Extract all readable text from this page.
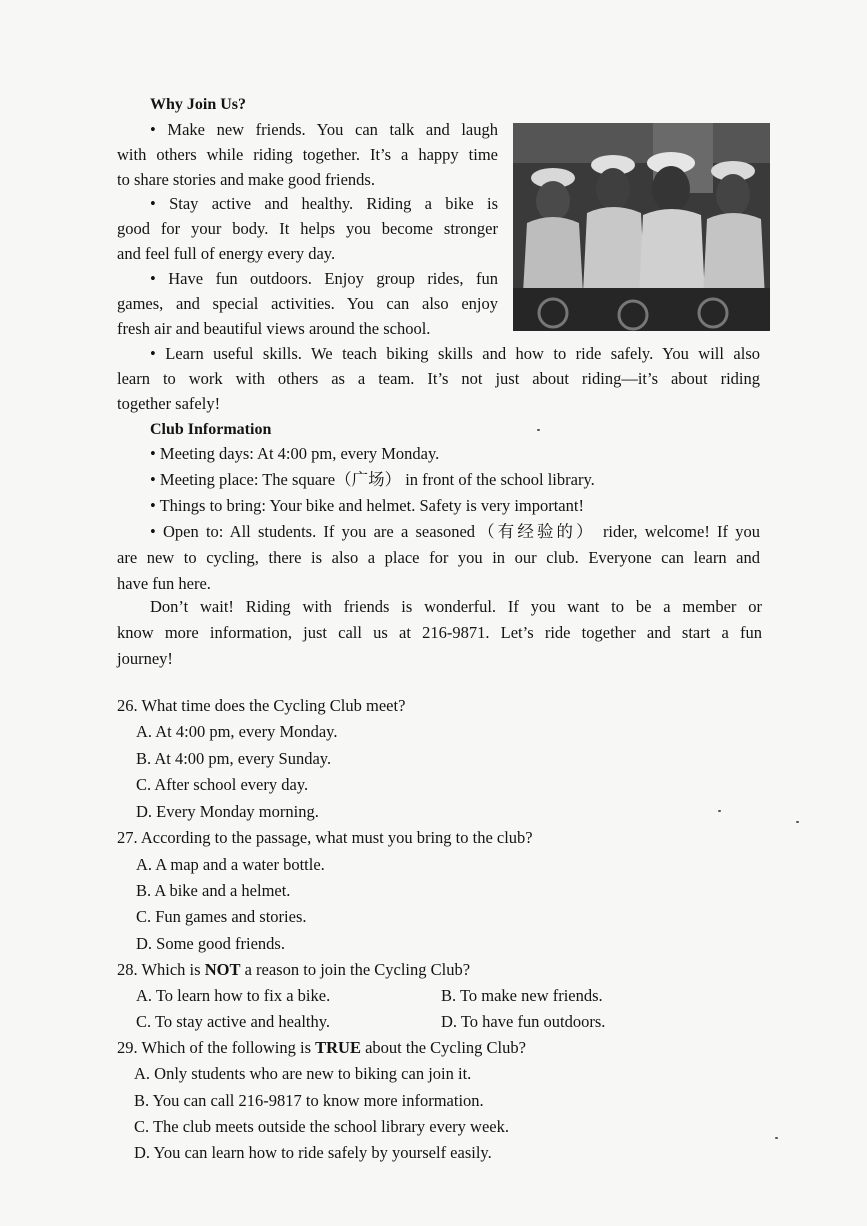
Why Join Us?
• Make new friends. You can talk and laugh
with others while riding together. It’s a happy time
to share stories and make good friends.
• Stay active and healthy. Riding a bike is
good for your body. It helps you become stronger
and feel full of energy every day.
• Have fun outdoors. Enjoy group rides, fun
games, and special activities. You can also enjoy
fresh air and beautiful views around the school.
• Learn useful skills. We teach biking skills and how to ride safely. You will also
learn to work with others as a team. It’s not just about riding—it’s about riding
together safely!
Club Information
• Meeting days: At 4:00 pm, every Monday.
• Meeting place: The square（广场） in front of the school library.
• Things to bring: Your bike and helmet. Safety is very important!
• Open to: All students. If you are a seasoned（有经验的） rider, welcome! If you
are new to cycling, there is also a place for you in our club. Everyone can learn and
have fun here.
Don’t wait! Riding with friends is wonderful. If you want to be a member or
know more information, just call us at 216-9871. Let’s ride together and start a fun
journey!
26. What time does the Cycling Club meet?
A. At 4:00 pm, every Monday.
B. At 4:00 pm, every Sunday.
C. After school every day.
D. Every Monday morning.
27. According to the passage, what must you bring to the club?
A. A map and a water bottle.
B. A bike and a helmet.
C. Fun games and stories.
D. Some good friends.
28. Which is NOT a reason to join the Cycling Club?
A. To learn how to fix a bike.	B. To make new friends.
C. To stay active and healthy.	D. To have fun outdoors.
29. Which of the following is TRUE about the Cycling Club?
A. Only students who are new to biking can join it.
B. You can call 216-9817 to know more information.
C. The club meets outside the school library every week.
D. You can learn how to ride safely by yourself easily.
